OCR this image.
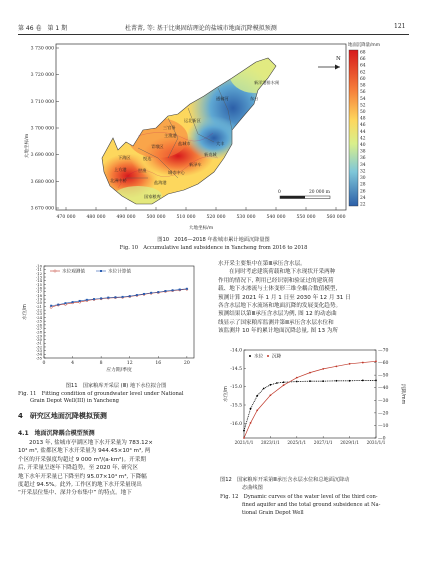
第 46 卷　第 1 期	杜菁菁, 等: 基于比奥固结理论的盐城市地面沉降模拟预测	121
新洋港排水闸
通榆河	东台
三官务
运北新区
主渔港
盐城市
青墩区
大丰
下海区	悦达
新泽车
新奇城
上方港	世渔
北洲中桥	盐海港
城市中心
国家粮库
3 730 000
3 720 000
3 710 000
3 700 000
3 690 000
3 680 000
3 670 000
470 000 480 000 490 000 500 000 510 000 520 000 530 000 540 000 550 000 560 000
大地坐标/m
大地坐标/m
N
0	20 000 m
地面沉降量/mm
68
66
64
62
60
58
56
54
52
50
48
46
44
42
40
38
36
34
32
30
28
26
24
22
图10　2016—2018 年盐城市累计地面沉降量图
Fig. 10　Accumulative land subsidence in Yancheng from 2016 to 2018
-10
-11
-12
-13
-14
-15
-16
-17
-18
-19
-20
-21
-22
-23
-24
-25
-26
-27
-28
-29
-30
-31
-32
-33
-34
-35
0	4	8	12	16	20
应力期/季度
水位/m
水位观测值	水位计算值
图11　国家粮库开采层 (Ⅲ) 地下水位拟合图
Fig. 11　Fitting condition of groundwater level under National
Grain Depot Well(III) in Yancheng
4　研究区地面沉降模拟预测
4.1　地面沉降耦合模型预测

2013 年, 盐城市亭湖区地下水开采量为 783.12×

10⁴ m³, 盐都区地下水开采量为 944.45×10⁴ m³, 两

个区的开采强度均超过 9 000 m³/(a·km²)。开采期

后, 开采量呈逐年下降趋势。至 2020 年, 研究区

地下水年开采量已下降至约 95.07×10⁴ m³, 下降幅

度超过 94.5%。此外, 工作区的地下水开采量现出

“开采层位集中、深井分布集中” 的特点。地下

水开采主要集中在第Ⅲ承压含水层。

在同时考虑建筑荷载和地下水现状开采两种

作用的情况下, 利用已经识别和验证过的建筑荷

载、地下水渗流与土体变形三维全耦合数值模型,

预测计算 2021 年 1 月 1 日至 2030 年 12 月 31 日

各含水层地下水流场和地面沉降的发展变化趋势。

预测结果以第Ⅲ承压含水层为例, 图 12 的动态曲

线显示了国家粮库监测井第Ⅲ承压含水层水位和

该监测井 10 年的累计地面沉降总量, 图 13 为所

-14.0
-14.5
-15.0
-15.5
-16.0
—70
—60
—50
—40
—30
—20
—10
—0
2021/1/1 2023/1/1 2025/1/1 2027/1/1 2029/1/1 2031/1/1
水位/m	沉降/mm
水位 沉降
图12　国家粮库开采第Ⅲ承压含水层水位和总地面沉降动
态曲线图
Fig. 12　Dynamic curves of the water level of the third con-
fined aquifer and the total ground subsidence at Na-
tional Grain Depot Well
